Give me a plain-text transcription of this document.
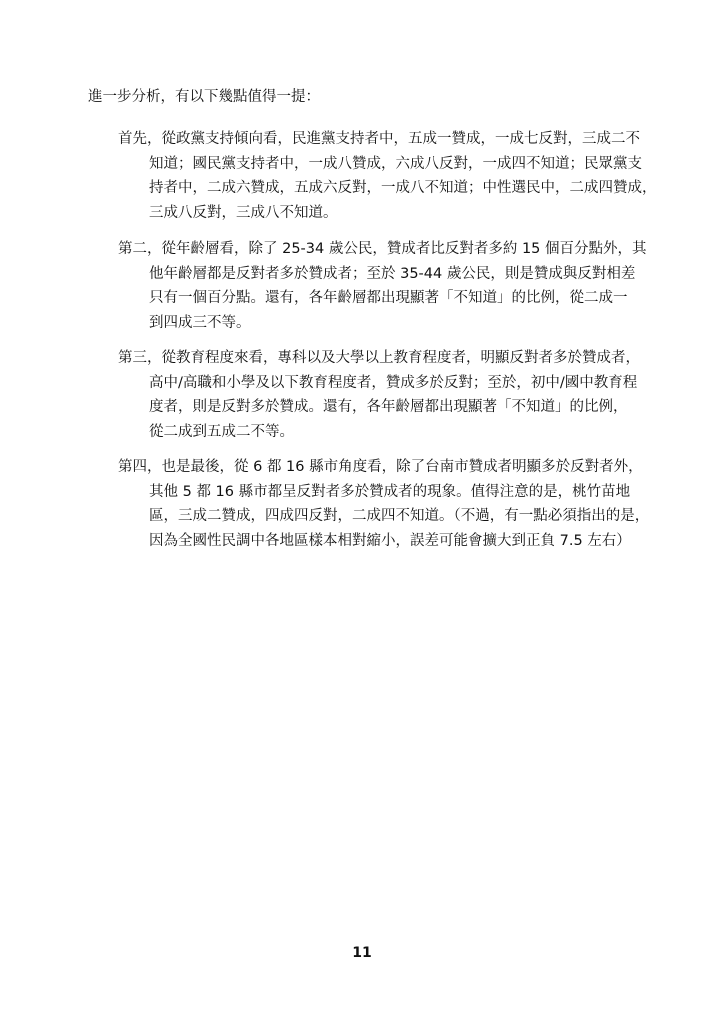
進一步分析，有以下幾點值得一提：
首先，從政黨支持傾向看，民進黨支持者中，五成一贊成，一成七反對，三成二不
知道；國民黨支持者中，一成八贊成，六成八反對，一成四不知道；民眾黨支
持者中，二成六贊成，五成六反對，一成八不知道；中性選民中，二成四贊成，
三成八反對，三成八不知道。
第二，從年齡層看，除了 25-34 歲公民，贊成者比反對者多約 15 個百分點外，其
他年齡層都是反對者多於贊成者；至於 35-44 歲公民，則是贊成與反對相差
只有一個百分點。還有，各年齡層都出現顯著「不知道」的比例，從二成一
到四成三不等。
第三，從教育程度來看，專科以及大學以上教育程度者，明顯反對者多於贊成者，
高中/高職和小學及以下教育程度者，贊成多於反對；至於，初中/國中教育程
度者，則是反對多於贊成。還有，各年齡層都出現顯著「不知道」的比例，
從二成到五成二不等。
第四，也是最後，從 6 都 16 縣市角度看，除了台南市贊成者明顯多於反對者外，
其他 5 都 16 縣市都呈反對者多於贊成者的現象。值得注意的是，桃竹苗地
區，三成二贊成，四成四反對，二成四不知道。（不過，有一點必須指出的是，
因為全國性民調中各地區樣本相對縮小，誤差可能會擴大到正負 7.5 左右）
11
